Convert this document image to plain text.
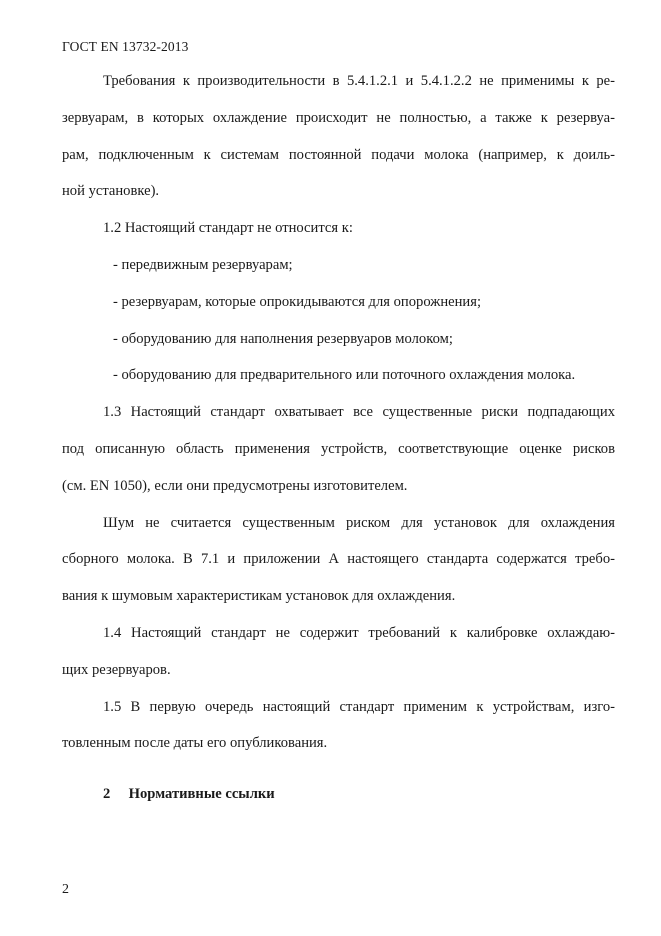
ГОСТ EN 13732-2013
Требования к производительности в 5.4.1.2.1 и 5.4.1.2.2 не применимы к ре-
зервуарам, в которых охлаждение происходит не полностью, а также к резервуа-
рам, подключенным к системам постоянной подачи молока (например, к доиль-
ной установке).
1.2 Настоящий стандарт не относится к:
- передвижным резервуарам;
- резервуарам, которые опрокидываются для опорожнения;
- оборудованию для наполнения резервуаров молоком;
- оборудованию для предварительного или поточного охлаждения молока.
1.3 Настоящий стандарт охватывает все существенные риски подпадающих
под описанную область применения устройств, соответствующие оценке рисков
(см. EN 1050), если они предусмотрены изготовителем.
Шум не считается существенным риском для установок для охлаждения
сборного молока. В 7.1 и приложении А настоящего стандарта содержатся требо-
вания к шумовым характеристикам установок для охлаждения.
1.4 Настоящий стандарт не содержит требований к калибровке охлаждаю-
щих резервуаров.
1.5 В первую очередь настоящий стандарт применим к устройствам, изго-
товленным после даты его опубликования.
2 Нормативные ссылки
2
